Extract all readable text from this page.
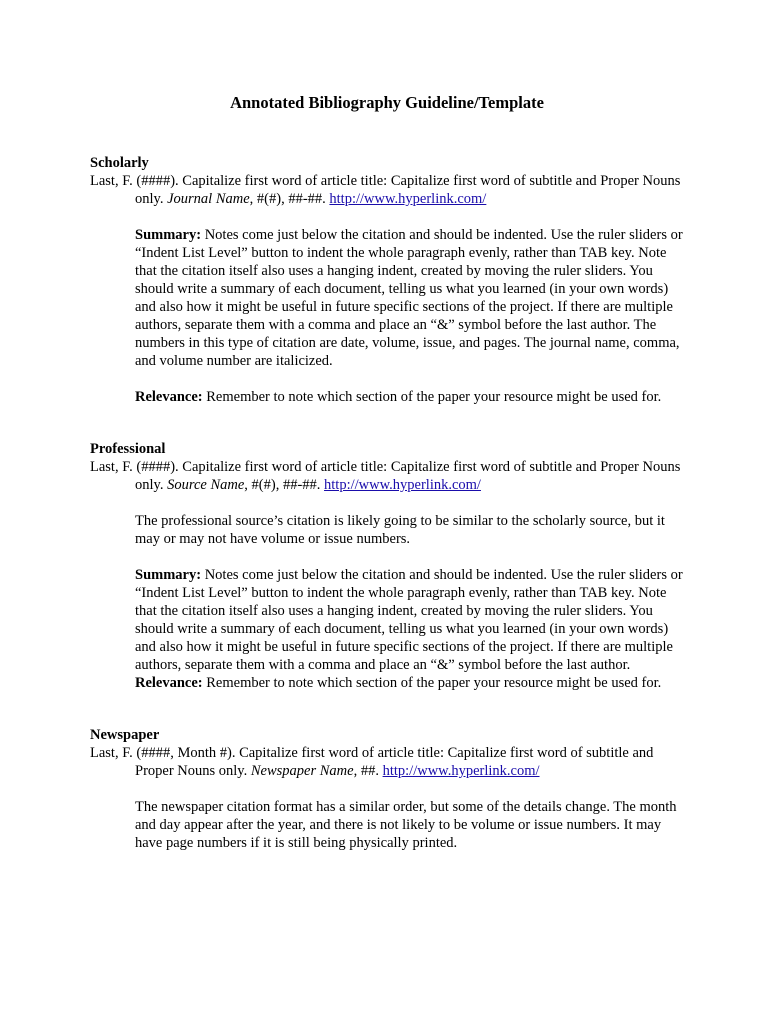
Annotated Bibliography Guideline/Template
Scholarly
Last, F. (####). Capitalize first word of article title: Capitalize first word of subtitle and Proper Nouns only. Journal Name, #(#), ##-##. http://www.hyperlink.com/
Summary: Notes come just below the citation and should be indented. Use the ruler sliders or “Indent List Level” button to indent the whole paragraph evenly, rather than TAB key. Note that the citation itself also uses a hanging indent, created by moving the ruler sliders. You should write a summary of each document, telling us what you learned (in your own words) and also how it might be useful in future specific sections of the project. If there are multiple authors, separate them with a comma and place an “&” symbol before the last author. The numbers in this type of citation are date, volume, issue, and pages. The journal name, comma, and volume number are italicized.
Relevance: Remember to note which section of the paper your resource might be used for.
Professional
Last, F. (####). Capitalize first word of article title: Capitalize first word of subtitle and Proper Nouns only. Source Name, #(#), ##-##. http://www.hyperlink.com/
The professional source’s citation is likely going to be similar to the scholarly source, but it may or may not have volume or issue numbers.
Summary: Notes come just below the citation and should be indented. Use the ruler sliders or “Indent List Level” button to indent the whole paragraph evenly, rather than TAB key. Note that the citation itself also uses a hanging indent, created by moving the ruler sliders. You should write a summary of each document, telling us what you learned (in your own words) and also how it might be useful in future specific sections of the project. If there are multiple authors, separate them with a comma and place an “&” symbol before the last author.
Relevance: Remember to note which section of the paper your resource might be used for.
Newspaper
Last, F. (####, Month #). Capitalize first word of article title: Capitalize first word of subtitle and Proper Nouns only. Newspaper Name, ##. http://www.hyperlink.com/
The newspaper citation format has a similar order, but some of the details change. The month and day appear after the year, and there is not likely to be volume or issue numbers. It may have page numbers if it is still being physically printed.
